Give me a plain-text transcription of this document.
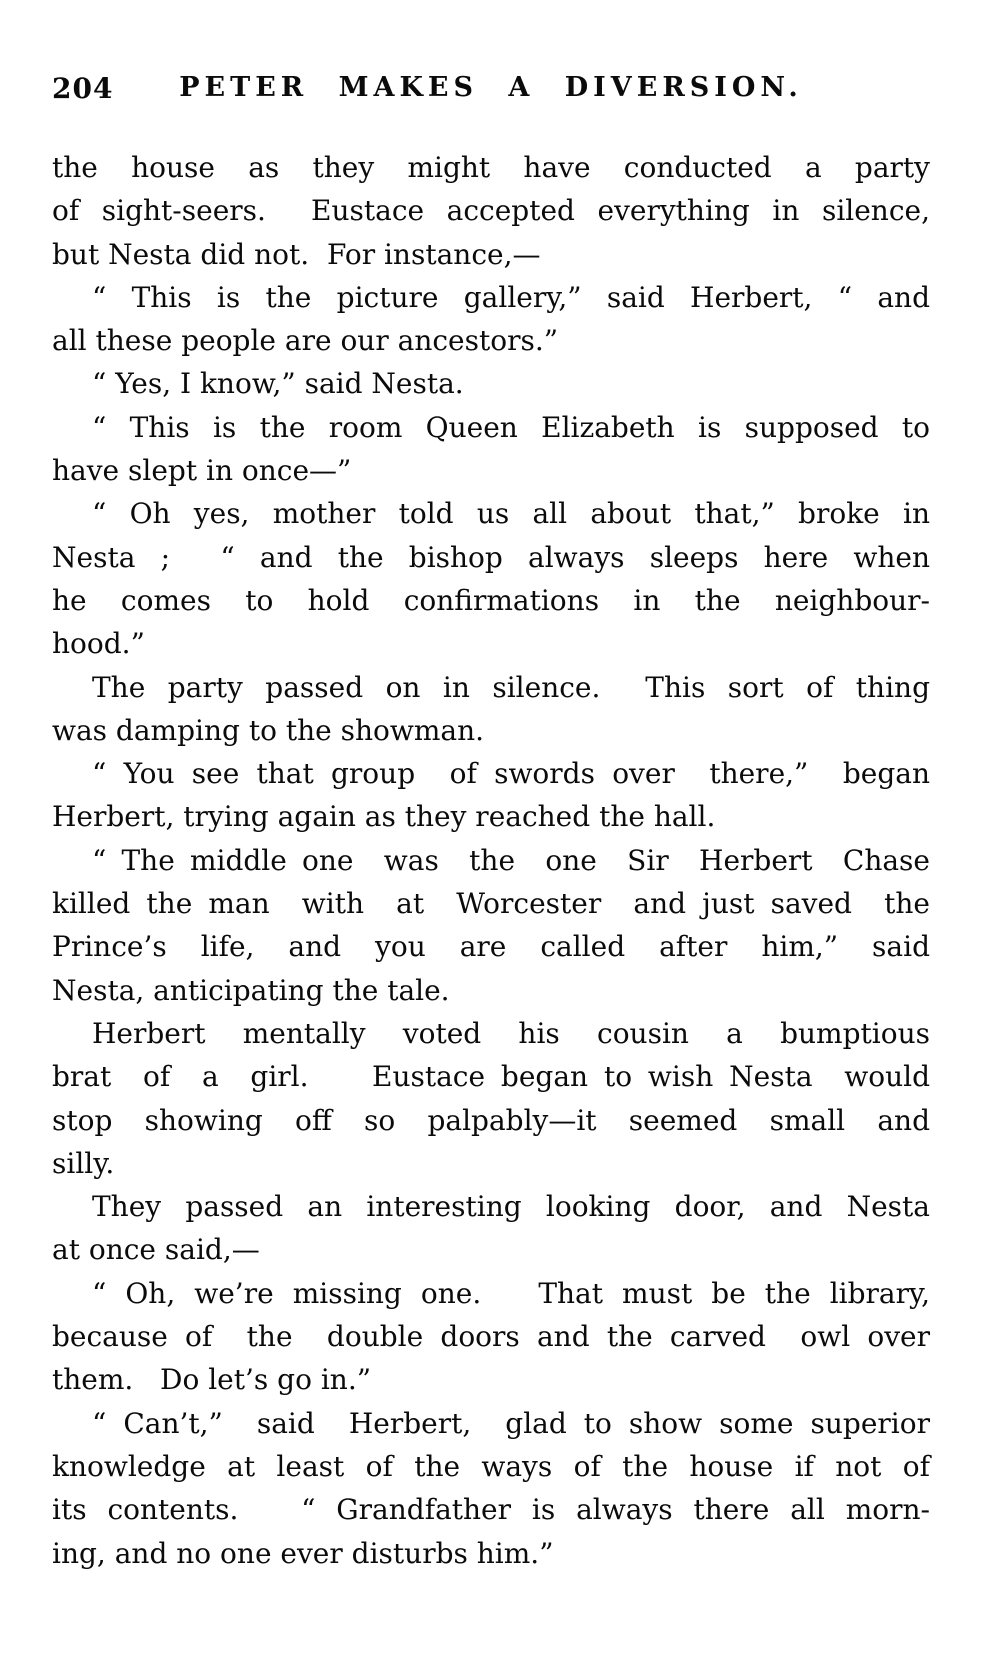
204	PETER MAKES A DIVERSION.
the house as they might have conducted a party
of sight-seers.  Eustace accepted everything in silence,
but Nesta did not.  For instance,—
“ This is the picture gallery,” said Herbert, “ and
all these people are our ancestors.”
“ Yes, I know,” said Nesta.
“ This is the room Queen Elizabeth is supposed to
have slept in once—”
“ Oh yes, mother told us all about that,” broke in
Nesta ;  “ and the bishop always sleeps here when
he comes to hold confirmations in the neighbour-
hood.”
The party passed on in silence.  This sort of thing
was damping to the showman.
“ You see that group  of swords over  there,”  began
Herbert, trying again as they reached the hall.
“ The middle one  was  the  one  Sir  Herbert  Chase
killed the man  with  at  Worcester  and just saved  the
Prince’s  life,  and  you  are  called  after  him,”  said
Nesta, anticipating the tale.
Herbert  mentally  voted  his  cousin  a  bumptious
brat  of  a  girl.    Eustace began to wish Nesta  would
stop  showing  off  so  palpably—it  seemed  small  and
silly.
They passed an interesting looking door, and Nesta
at once said,—
“ Oh, we’re missing one.   That must be the library,
because of  the  double doors and the carved  owl over
them.   Do let’s go in.”
“ Can’t,”  said  Herbert,  glad to show some superior
knowledge at least of the ways of the house if not of
its contents.   “ Grandfather is always there all morn-
ing, and no one ever disturbs him.”
